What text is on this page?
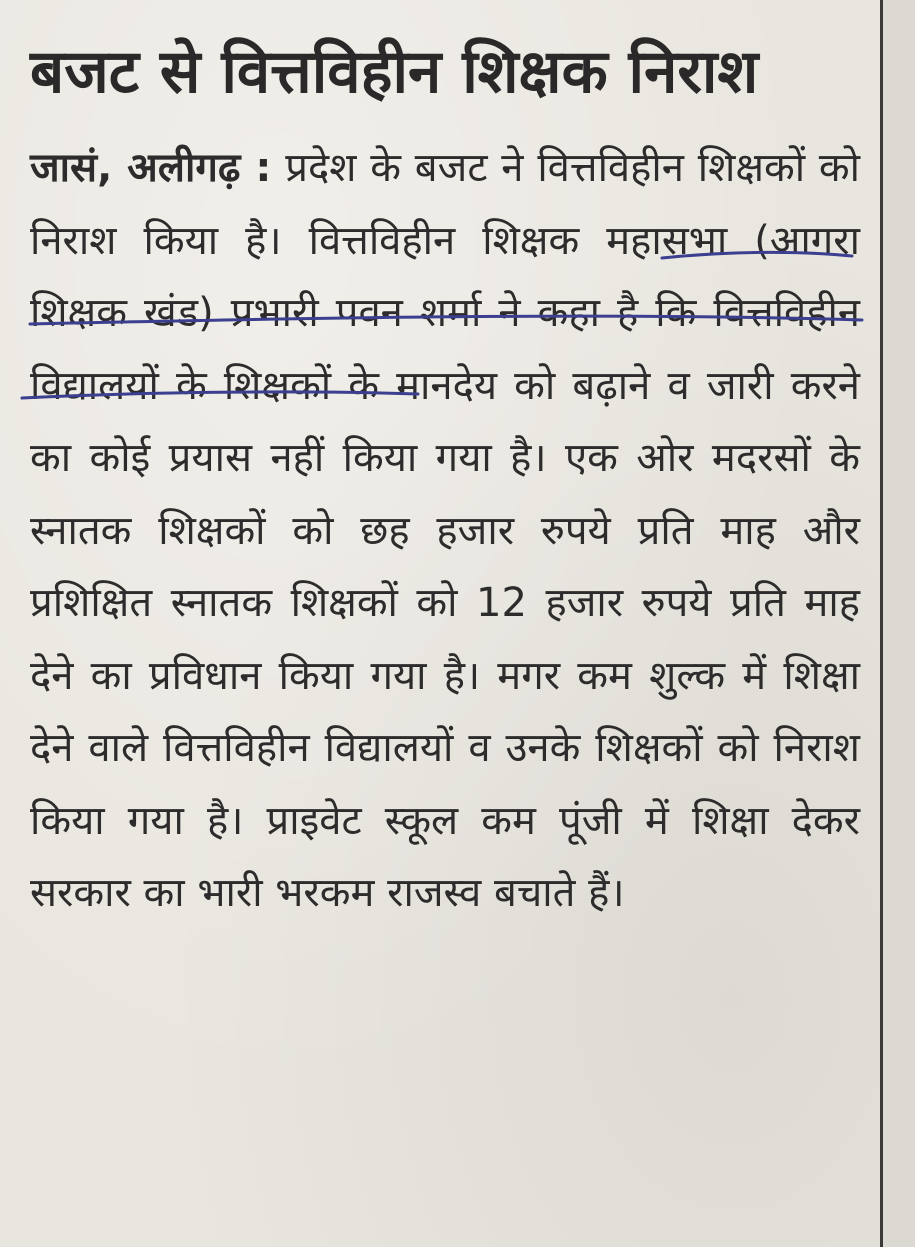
बजट से वित्तविहीन शिक्षक निराश

जासं, अलीगढ़ : प्रदेश के बजट ने वित्तविहीन शिक्षकों को निराश किया है। वित्तविहीन शिक्षक महासभा (आगरा शिक्षक खंड) प्रभारी पवन शर्मा ने कहा है कि वित्तविहीन विद्यालयों के शिक्षकों के मानदेय को बढ़ाने व जारी करने का कोई प्रयास नहीं किया गया है। एक ओर मदरसों के स्नातक शिक्षकों को छह हजार रुपये प्रति माह और प्रशिक्षित स्नातक शिक्षकों को 12 हजार रुपये प्रति माह देने का प्रविधान किया गया है। मगर कम शुल्क में शिक्षा देने वाले वित्तविहीन विद्यालयों व उनके शिक्षकों को निराश किया गया है। प्राइवेट स्कूल कम पूंजी में शिक्षा देकर सरकार का भारी भरकम राजस्व बचाते हैं।
